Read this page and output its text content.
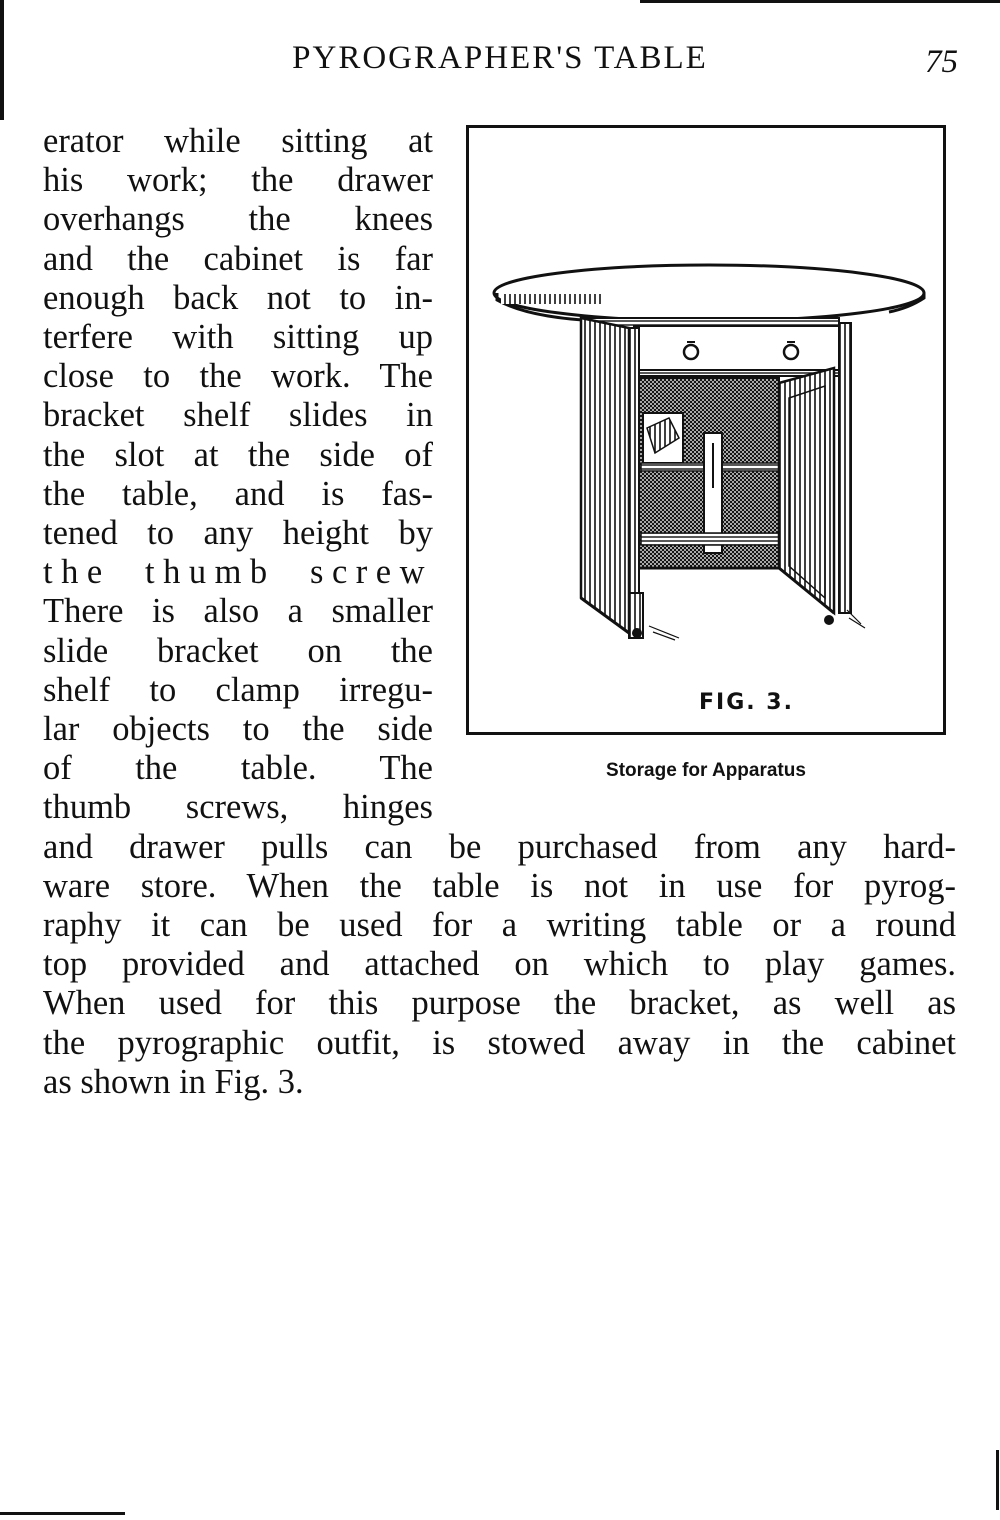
PYROGRAPHER'S TABLE	75
erator while sitting at
his work; the drawer
overhangs the knees
and the cabinet is far
enough back not to in-
terfere with sitting up
close to the work. The
bracket shelf slides in
the slot at the side of
the table, and is fas-
tened to any height by
the thumb screw
There is also a smaller
slide bracket on the
shelf to clamp irregu-
lar objects to the side
of the table. The
thumb screws, hinges
and drawer pulls can be purchased from any hard-
ware store. When the table is not in use for pyrog-
raphy it can be used for a writing table or a round
top provided and attached on which to play games.
When used for this purpose the bracket, as well as
the pyrographic outfit, is stowed away in the cabinet
as shown in Fig. 3.
FIG. 3.
Storage for Apparatus
